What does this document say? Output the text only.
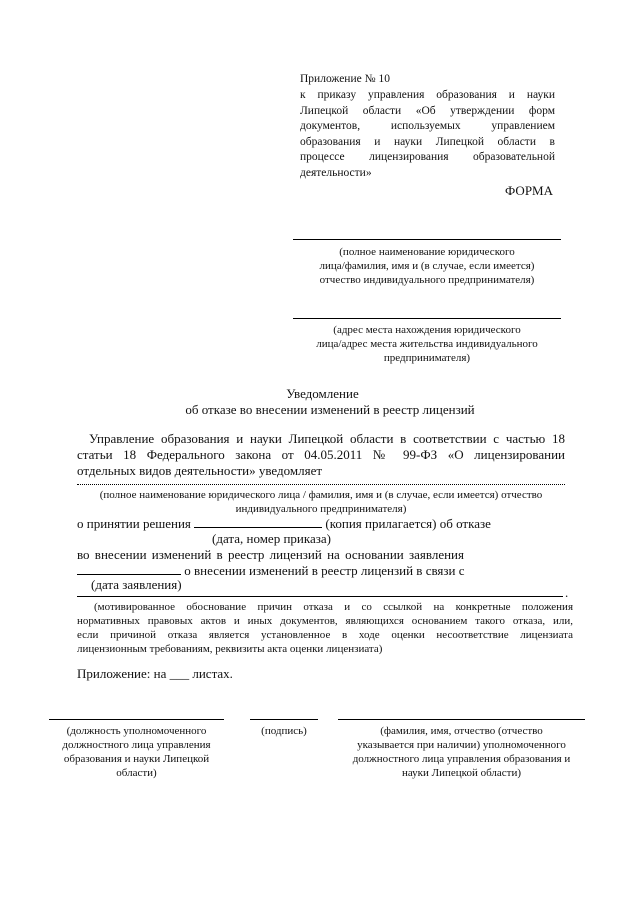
Приложение № 10
к приказу управления образования и науки
Липецкой области «Об утверждении форм
документов, используемых управлением
образования и науки Липецкой области в
процессе лицензирования образовательной
деятельности»
ФОРМА
(полное наименование юридического
лица/фамилия, имя и (в случае, если имеется)
отчество индивидуального предпринимателя)
(адрес места нахождения юридического
лица/адрес места жительства индивидуального
предпринимателя)
Уведомление
об отказе во внесении изменений в реестр лицензий
Управление образования и науки Липецкой области в соответствии с частью 18
статьи 18 Федерального закона от 04.05.2011 № 99-ФЗ «О лицензировании
отдельных видов деятельности» уведомляет
(полное наименование юридического лица / фамилия, имя и (в случае, если имеется) отчество
индивидуального предпринимателя)
о принятии решения	(копия прилагается) об отказе
(дата, номер приказа)
во внесении изменений в реестр лицензий на основании заявления
о внесении изменений в реестр лицензий в связи с
(дата заявления)
.
(мотивированное обоснование причин отказа и со ссылкой на конкретные положения
нормативных правовых актов и иных документов, являющихся основанием такого отказа, или,
если причиной отказа является установленное в ходе оценки несоответствие лицензиата
лицензионным требованиям, реквизиты акта оценки лицензиата)
Приложение: на ___ листах.
(должность уполномоченного
должностного лица управления
образования и науки Липецкой
области)
(подпись)	(фамилия, имя, отчество (отчество
указывается при наличии) уполномоченного
должностного лица управления образования и
науки Липецкой области)
